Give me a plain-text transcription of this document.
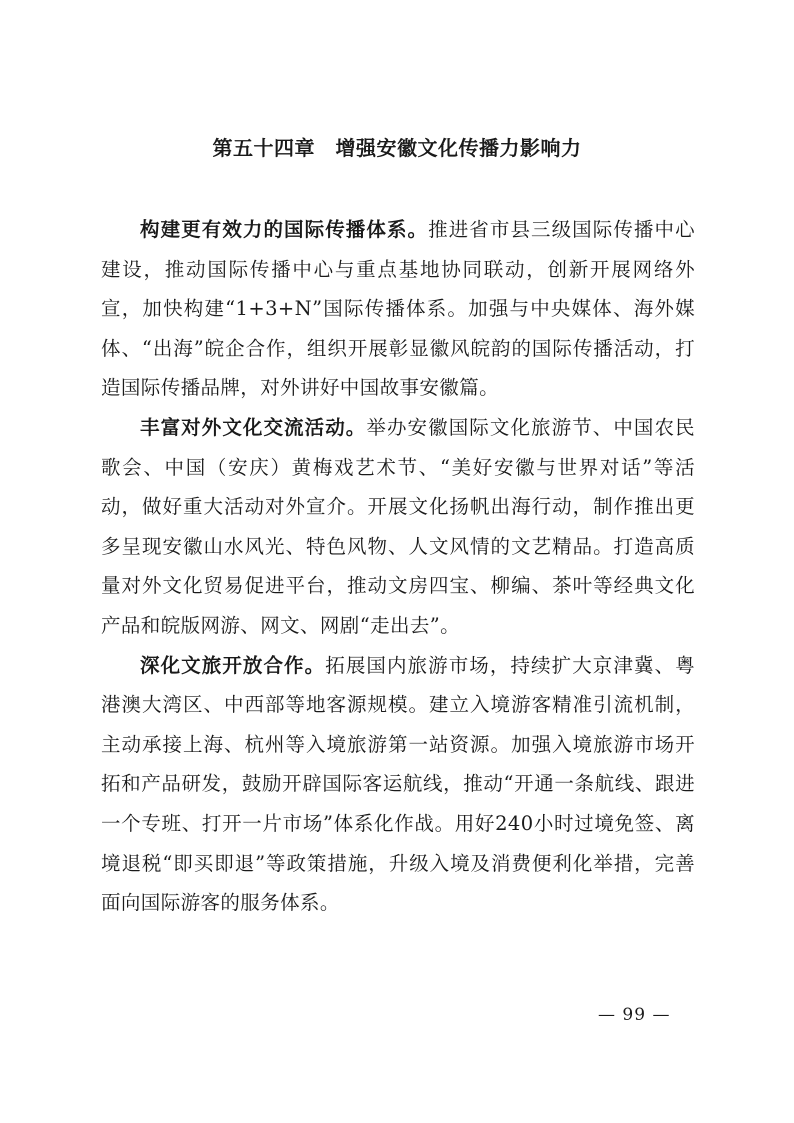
第五十四章　增强安徽文化传播力影响力

构建更有效力的国际传播体系。推进省市县三级国际传播中心建设，推动国际传播中心与重点基地协同联动，创新开展网络外宣，加快构建“1+3+N”国际传播体系。加强与中央媒体、海外媒体、“出海”皖企合作，组织开展彰显徽风皖韵的国际传播活动，打造国际传播品牌，对外讲好中国故事安徽篇。

丰富对外文化交流活动。举办安徽国际文化旅游节、中国农民歌会、中国（安庆）黄梅戏艺术节、“美好安徽与世界对话”等活动，做好重大活动对外宣介。开展文化扬帆出海行动，制作推出更多呈现安徽山水风光、特色风物、人文风情的文艺精品。打造高质量对外文化贸易促进平台，推动文房四宝、柳编、茶叶等经典文化产品和皖版网游、网文、网剧“走出去”。

深化文旅开放合作。拓展国内旅游市场，持续扩大京津冀、粤港澳大湾区、中西部等地客源规模。建立入境游客精准引流机制，主动承接上海、杭州等入境旅游第一站资源。加强入境旅游市场开拓和产品研发，鼓励开辟国际客运航线，推动“开通一条航线、跟进一个专班、打开一片市场”体系化作战。用好240小时过境免签、离境退税“即买即退”等政策措施，升级入境及消费便利化举措，完善面向国际游客的服务体系。

— 99 —
